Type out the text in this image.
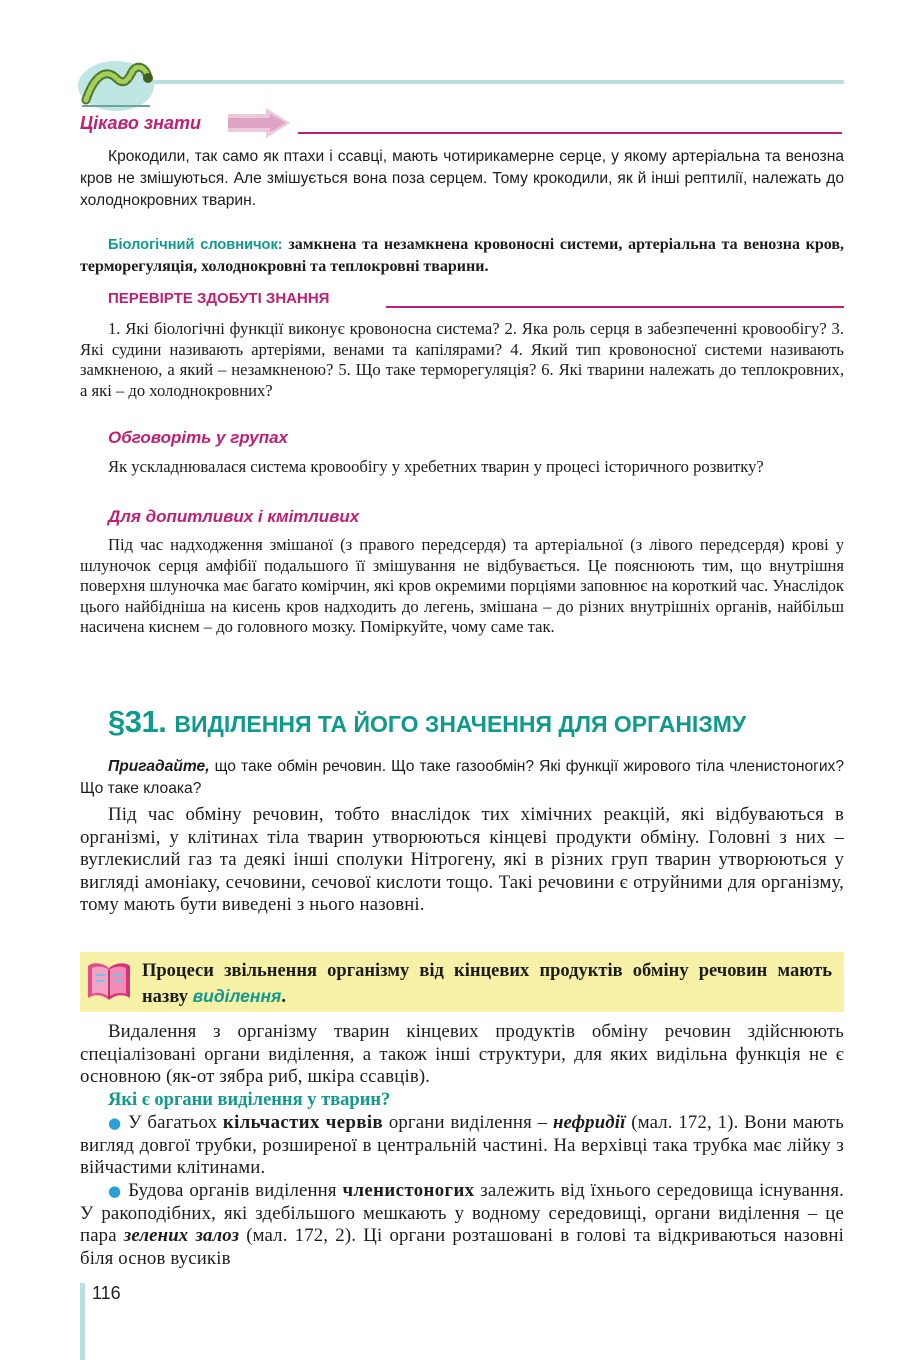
Цікаво знати
Крокодили, так само як птахи і ссавці, мають чотирикамерне серце, у якому артеріальна та венозна кров не змішуються. Але змішується вона поза серцем. Тому крокодили, як й інші рептилії, належать до холоднокровних тварин.
Біологічний словничок: замкнена та незамкнена кровоносні системи, артеріальна та венозна кров, терморегуляція, холоднокровні та теплокровні тварини.
ПЕРЕВІРТЕ ЗДОБУТІ ЗНАННЯ
1. Які біологічні функції виконує кровоносна система? 2. Яка роль серця в забезпеченні кровообігу? 3. Які судини називають артеріями, венами та капілярами? 4. Який тип кровоносної системи називають замкненою, а який – незамкненою? 5. Що таке терморегуляція? 6. Які тварини належать до теплокровних, а які – до холоднокровних?
Обговоріть у групах
Як ускладнювалася система кровообігу у хребетних тварин у процесі історичного розвитку?
Для допитливих і кмітливих
Під час надходження змішаної (з правого передсердя) та артеріальної (з лівого передсердя) крові у шлуночок серця амфібії подальшого її змішування не відбувається. Це пояснюють тим, що внутрішня поверхня шлуночка має багато комірчин, які кров окремими порціями заповнює на короткий час. Унаслідок цього найбідніша на кисень кров надходить до легень, змішана – до різних внутрішніх органів, найбільш насичена киснем – до головного мозку. Поміркуйте, чому саме так.
§31. ВИДІЛЕННЯ ТА ЙОГО ЗНАЧЕННЯ ДЛЯ ОРГАНІЗМУ
Пригадайте, що таке обмін речовин. Що таке газообмін? Які функції жирового тіла членистоногих? Що таке клоака?
Під час обміну речовин, тобто внаслідок тих хімічних реакцій, які відбуваються в організмі, у клітинах тіла тварин утворюються кінцеві продукти обміну. Головні з них – вуглекислий газ та деякі інші сполуки Нітрогену, які в різних груп тварин утворюються у вигляді амоніаку, сечовини, сечової кислоти тощо. Такі речовини є отруйними для організму, тому мають бути виведені з нього назовні.
Процеси звільнення організму від кінцевих продуктів обміну речовин мають назву виділення.
Видалення з організму тварин кінцевих продуктів обміну речовин здійснюють спеціалізовані органи виділення, а також інші структури, для яких видільна функція не є основною (як-от зябра риб, шкіра ссавців).
Які є органи виділення у тварин?
● У багатьох кільчастих червів органи виділення – нефридії (мал. 172, 1). Вони мають вигляд довгої трубки, розширеної в центральній частині. На верхівці така трубка має лійку з війчастими клітинами.
● Будова органів виділення членистоногих залежить від їхнього середовища існування. У ракоподібних, які здебільшого мешкають у водному середовищі, органи виділення – це пара зелених залоз (мал. 172, 2). Ці органи розташовані в голові та відкриваються назовні біля основ вусиків
116
